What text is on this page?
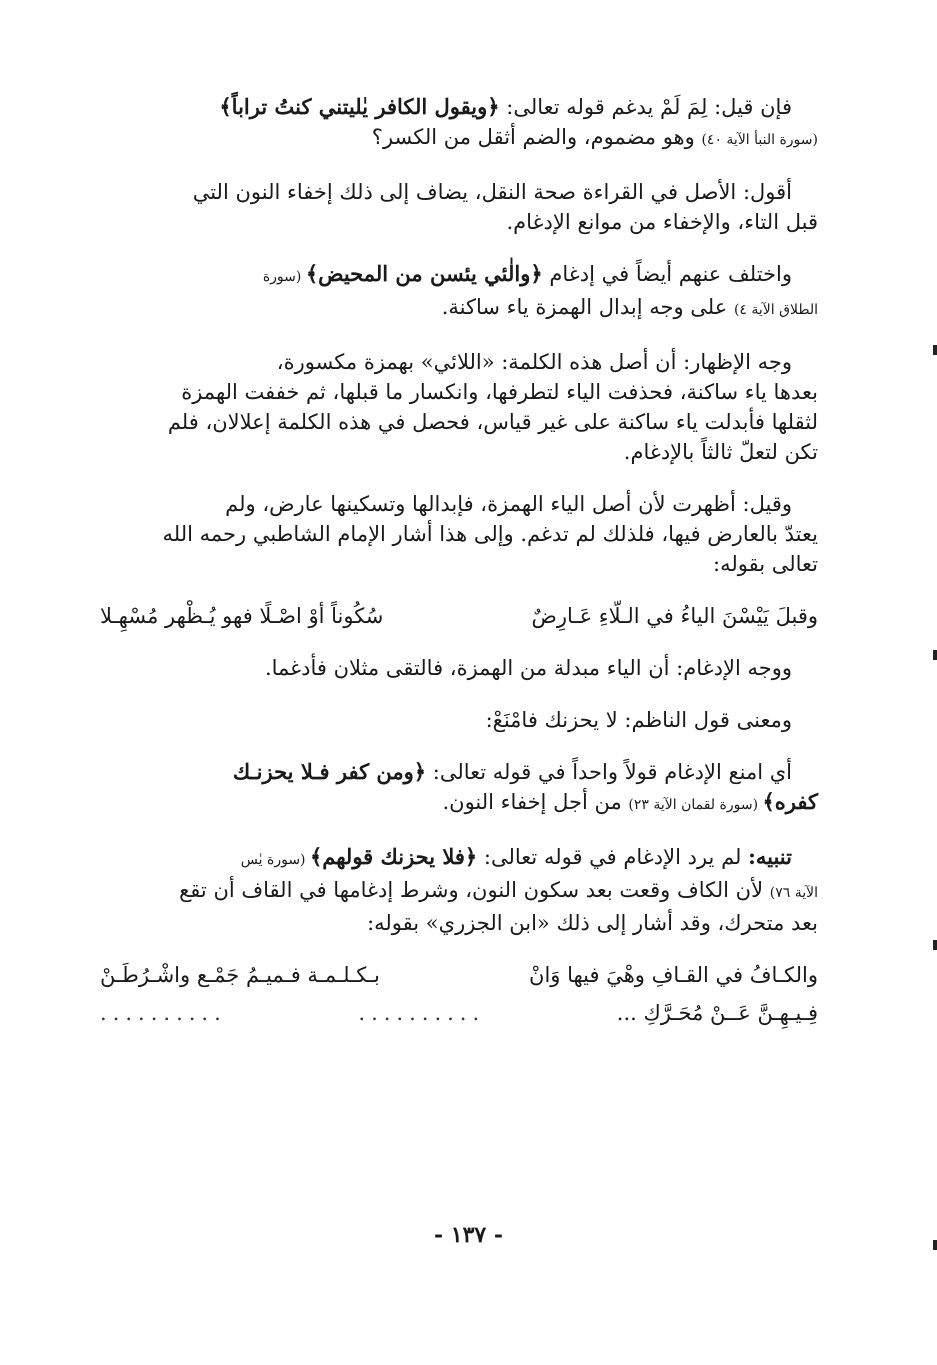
فإن قيل: لِمَ لَمْ يدغم قوله تعالى: ﴿ويقول الكافر يٰليتني كنتُ تراباً﴾

(سورة النبأ الآية ٤٠) وهو مضموم، والضم أثقل من الكسر؟

أقول: الأصل في القراءة صحة النقل، يضاف إلى ذلك إخفاء النون التي

قبل التاء، والإخفاء من موانع الإدغام.

واختلف عنهم أيضاً في إدغام ﴿والٰئي يئسن من المحيض﴾ (سورة

الطلاق الآية ٤) على وجه إبدال الهمزة ياء ساكنة.

وجه الإظهار: أن أصل هذه الكلمة: «اللائي» بهمزة مكسورة،

بعدها ياء ساكنة، فحذفت الياء لتطرفها، وانكسار ما قبلها، ثم خففت الهمزة

لثقلها فأبدلت ياء ساكنة على غير قياس، فحصل في هذه الكلمة إعلالان، فلم

تكن لتعلّ ثالثاً بالإدغام.

وقيل: أظهرت لأن أصل الياء الهمزة، فإبدالها وتسكينها عارض، ولم

يعتدّ بالعارض فيها، فلذلك لم تدغم. وإلى هذا أشار الإمام الشاطبي رحمه الله

تعالى بقوله:

وقبلَ يَيْسْنَ الياءُ في الـلّاءِ عَـارِضٌ
سُكُوناً أوْ اصْـلًا فهو يُـظْهر مُسْهِـلا

ووجه الإدغام: أن الياء مبدلة من الهمزة، فالتقى مثلان فأدغما.

ومعنى قول الناظم: لا يحزنك فامْنَعْ:

أي امنع الإدغام قولاً واحداً في قوله تعالى: ﴿ومن كفر فـلا يحزنـك

كفره﴾ (سورة لقمان الآية ٢٣) من أجل إخفاء النون.

تنبيه: لم يرد الإدغام في قوله تعالى: ﴿فلا يحزنك قولهم﴾ (سورة يٰس

الآية ٧٦) لأن الكاف وقعت بعد سكون النون، وشرط إدغامها في القاف أن تقع

بعد متحرك، وقد أشار إلى ذلك «ابن الجزري» بقوله:

والكـافُ في القـافِ وهْيَ فيها وَانْ
بـكـلـمـة فـميـمُ جَمْـع واشْـرُطَـنْ
فِـيـهِـنَّ عَــنْ مُحَـرَّكِ ...
..........
..........
- ١٣٧ -
